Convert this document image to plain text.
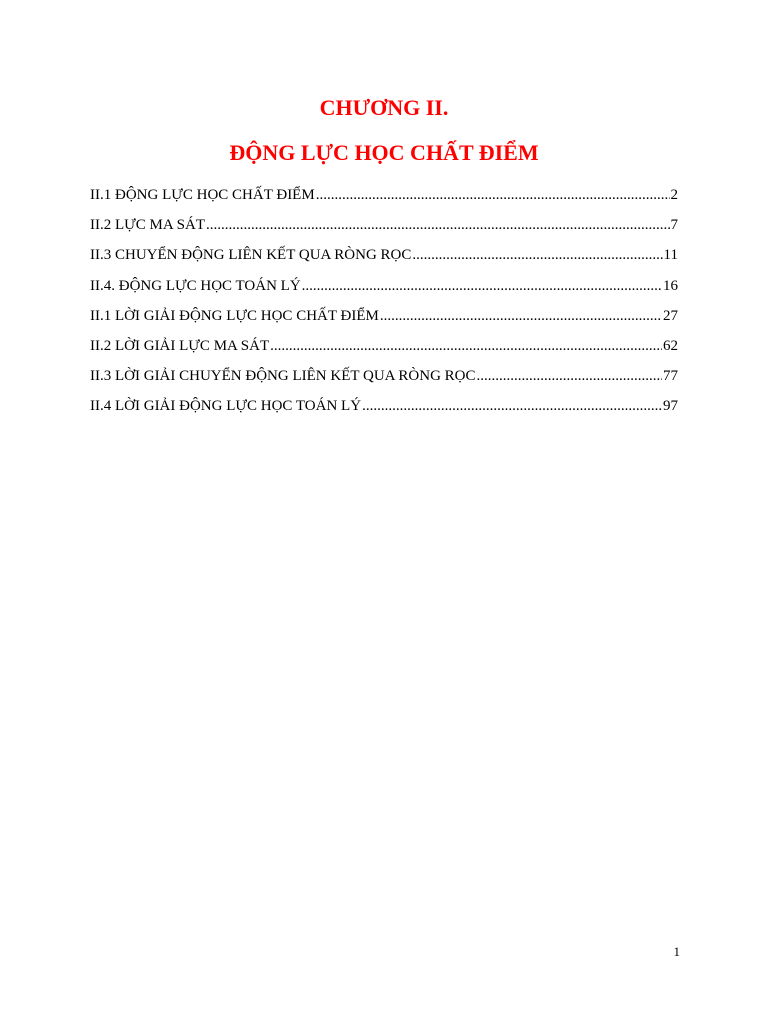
CHƯƠNG II.
ĐỘNG LỰC HỌC CHẤT ĐIỂM
II.1 ĐỘNG LỰC HỌC CHẤT ĐIỂM .....	2
II.2 LỰC MA SÁT .....	7
II.3 CHUYỂN ĐỘNG LIÊN KẾT QUA RÒNG RỌC .....	11
II.4. ĐỘNG LỰC HỌC TOÁN LÝ .....	16
II.1 LỜI GIẢI ĐỘNG LỰC HỌC CHẤT ĐIỂM .....	27
II.2 LỜI GIẢI LỰC MA SÁT .....	62
II.3 LỜI GIẢI CHUYỂN ĐỘNG LIÊN KẾT QUA RÒNG RỌC .....	77
II.4 LỜI GIẢI ĐỘNG LỰC HỌC TOÁN LÝ .....	97
1
